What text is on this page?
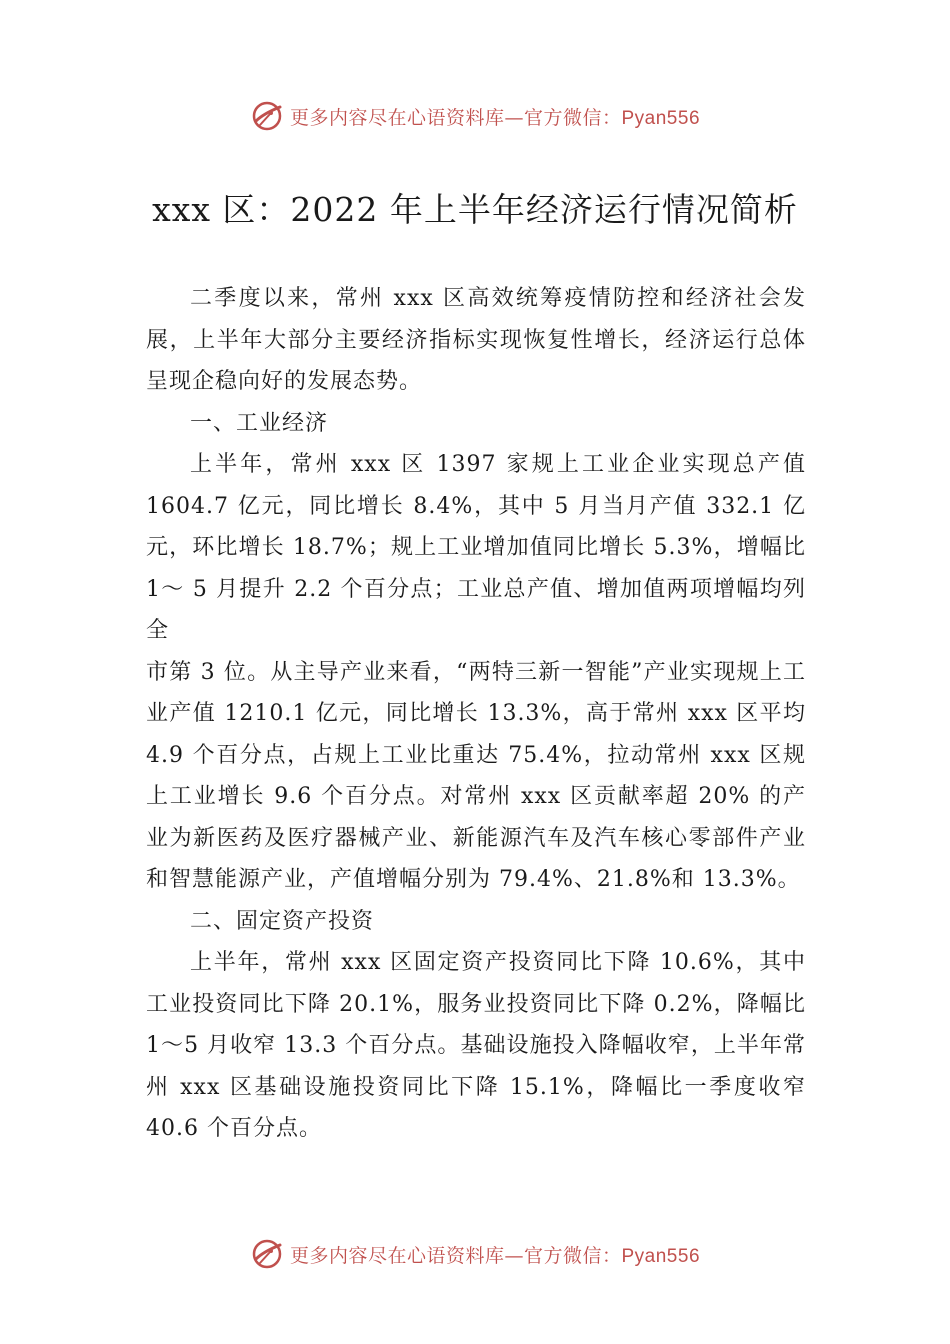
更多内容尽在心语资料库—官方微信：Pyan556
xxx 区：2022 年上半年经济运行情况简析

二季度以来，常州 xxx 区高效统筹疫情防控和经济社会发展，上半年大部分主要经济指标实现恢复性增长，经济运行总体呈现企稳向好的发展态势。

一、工业经济

上半年，常州 xxx 区 1397 家规上工业企业实现总产值 1604.7 亿元，同比增长 8.4%，其中 5 月当月产值 332.1 亿元，环比增长 18.7%；规上工业增加值同比增长 5.3%，增幅比 1～ 5 月提升 2.2 个百分点；工业总产值、增加值两项增幅均列全

市第 3 位。从主导产业来看，“两特三新一智能”产业实现规上工业产值 1210.1 亿元，同比增长 13.3%，高于常州 xxx 区平均 4.9 个百分点，占规上工业比重达 75.4%，拉动常州 xxx 区规上工业增长 9.6 个百分点。对常州 xxx 区贡献率超 20% 的产业为新医药及医疗器械产业、新能源汽车及汽车核心零部件产业和智慧能源产业，产值增幅分别为 79.4%、21.8%和 13.3%。

二、固定资产投资

上半年，常州 xxx 区固定资产投资同比下降 10.6%，其中工业投资同比下降 20.1%，服务业投资同比下降 0.2%，降幅比 1～5 月收窄 13.3 个百分点。基础设施投入降幅收窄，上半年常州 xxx 区基础设施投资同比下降 15.1%，降幅比一季度收窄 40.6 个百分点。

更多内容尽在心语资料库—官方微信：Pyan556
